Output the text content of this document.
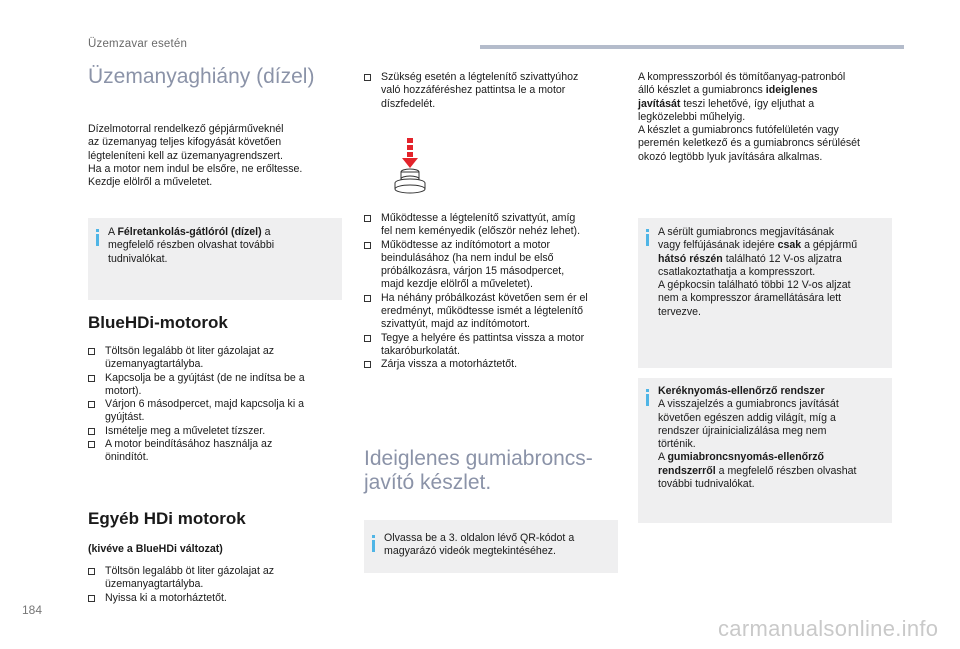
Üzemzavar esetén
Üzemanyaghiány (dízel)
Dízelmotorral rendelkező gépjárműveknél
az üzemanyag teljes kifogyását követően
légteleníteni kell az üzemanyagrendszert.
Ha a motor nem indul be elsőre, ne erőltesse.
Kezdje elölről a műveletet.
A Félretankolás-gátlóról (dízel) a
megfelelő részben olvashat további
tudnivalókat.
BlueHDi-motorok
Töltsön legalább öt liter gázolajat az
üzemanyagtartályba.
Kapcsolja be a gyújtást (de ne indítsa be a
motort).
Várjon 6 másodpercet, majd kapcsolja ki a
gyújtást.
Ismételje meg a műveletet tízszer.
A motor beindításához használja az
önindítót.
Egyéb HDi motorok
(kivéve a BlueHDi változat)
Töltsön legalább öt liter gázolajat az
üzemanyagtartályba.
Nyissa ki a motorháztetőt.
Szükség esetén a légtelenítő szivattyúhoz
való hozzáféréshez pattintsa le a motor
díszfedelét.
Működtesse a légtelenítő szivattyút, amíg
fel nem keményedik (először nehéz lehet).
Működtesse az indítómotort a motor
beindulásához (ha nem indul be első
próbálkozásra, várjon 15 másodpercet,
majd kezdje elölről a műveletet).
Ha néhány próbálkozást követően sem ér el
eredményt, működtesse ismét a légtelenítő
szivattyút, majd az indítómotort.
Tegye a helyére és pattintsa vissza a motor
takaróburkolatát.
Zárja vissza a motorháztetőt.
Ideiglenes gumiabroncs-
javító készlet.
Olvassa be a 3. oldalon lévő QR-kódot a
magyarázó videók megtekintéséhez.
A kompresszorból és tömítőanyag-patronból
álló készlet a gumiabroncs ideiglenes
javítását teszi lehetővé, így eljuthat a
legközelebbi műhelyig.
A készlet a gumiabroncs futófelületén vagy
peremén keletkező és a gumiabroncs sérülését
okozó legtöbb lyuk javítására alkalmas.
A sérült gumiabroncs megjavításának
vagy felfújásának idejére csak a gépjármű
hátsó részén található 12 V-os aljzatra
csatlakoztathatja a kompresszort.
A gépkocsin található többi 12 V-os aljzat
nem a kompresszor áramellátására lett
tervezve.
Keréknyomás-ellenőrző rendszer
A visszajelzés a gumiabroncs javítását
követően egészen addig világít, míg a
rendszer újrainicializálása meg nem
történik.
A gumiabroncsnyomás-ellenőrző
rendszerről a megfelelő részben olvashat
további tudnivalókat.
184
carmanualsonline.info
